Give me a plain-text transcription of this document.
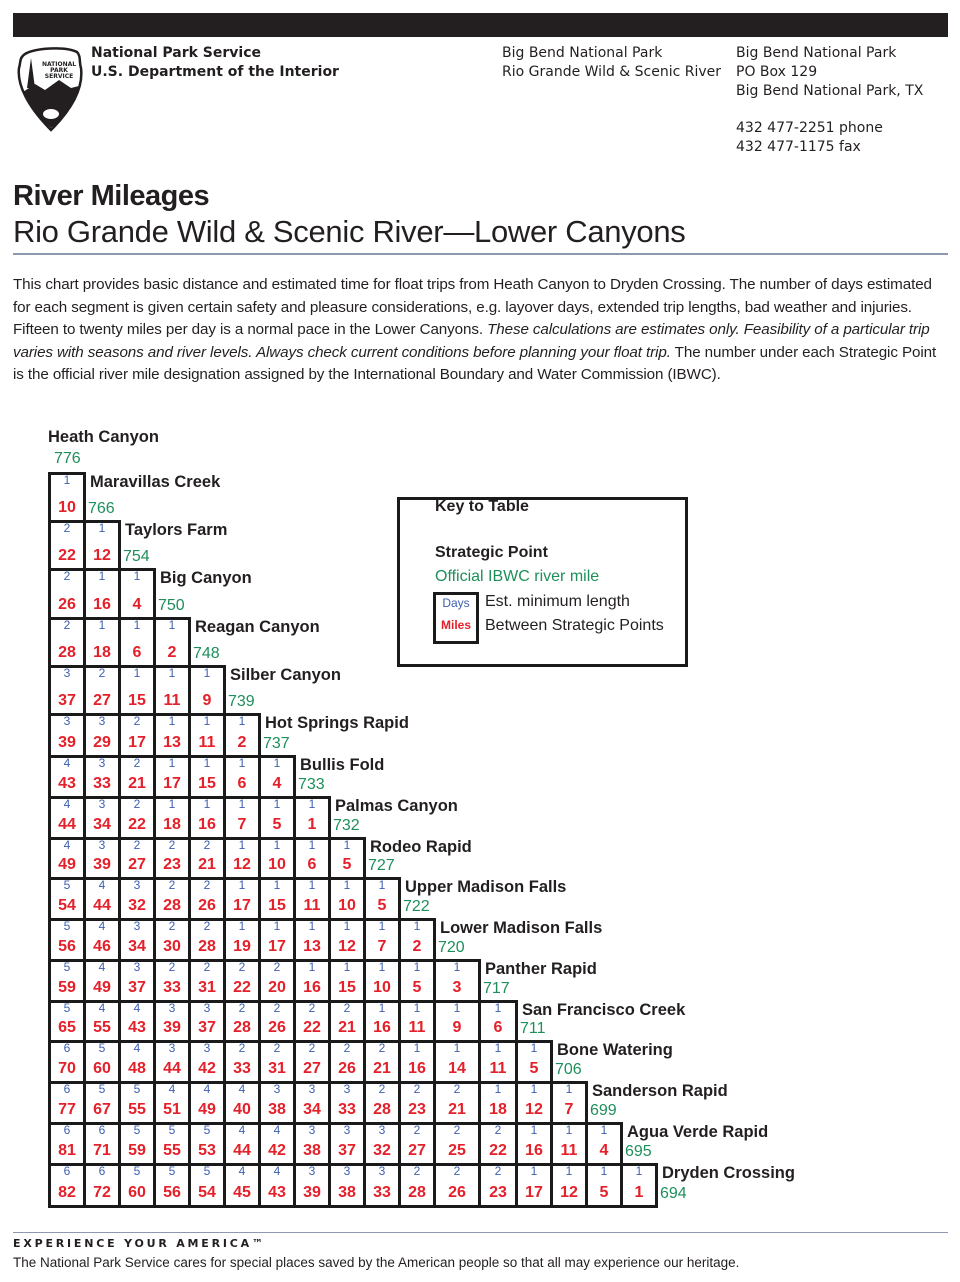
NATIONAL
PARK
SERVICE
National Park Service
U.S. Department of the Interior
Big Bend National Park
Rio Grande Wild & Scenic River
Big Bend National Park
PO Box 129
Big Bend National Park, TX
432 477-2251 phone
432 477-1175 fax
River Mileages
Rio Grande Wild & Scenic River—Lower Canyons
This chart provides basic distance and estimated time for float trips from Heath Canyon to Dryden Crossing. The number of days estimated for each segment is given certain safety and pleasure considerations, e.g. layover days, extended trip lengths, bad weather and injuries. Fifteen to twenty miles per day is a normal pace in the Lower Canyons. These calculations are estimates only. Feasibility of a particular trip varies with seasons and river levels. Always check current conditions before planning your float trip. The number under each Strategic Point is the official river mile designation assigned by the International Boundary and Water Commission (IBWC).
Heath Canyon
776
1
10
Maravillas Creek
766
2
22
1
12
Taylors Farm
754
2
26
1
16
1
4
Big Canyon
750
2
28
1
18
1
6
1
2
Reagan Canyon
748
3
37
2
27
1
15
1
11
1
9
Silber Canyon
739
3
39
3
29
2
17
1
13
1
11
1
2
Hot Springs Rapid
737
4
43
3
33
2
21
1
17
1
15
1
6
1
4
Bullis Fold
733
4
44
3
34
2
22
1
18
1
16
1
7
1
5
1
1
Palmas Canyon
732
4
49
3
39
2
27
2
23
2
21
1
12
1
10
1
6
1
5
Rodeo Rapid
727
5
54
4
44
3
32
2
28
2
26
1
17
1
15
1
11
1
10
1
5
Upper Madison Falls
722
5
56
4
46
3
34
2
30
2
28
1
19
1
17
1
13
1
12
1
7
1
2
Lower Madison Falls
720
5
59
4
49
3
37
2
33
2
31
2
22
2
20
1
16
1
15
1
10
1
5
1
3
Panther Rapid
717
5
65
4
55
4
43
3
39
3
37
2
28
2
26
2
22
2
21
1
16
1
11
1
9
1
6
San Francisco Creek
711
6
70
5
60
4
48
3
44
3
42
2
33
2
31
2
27
2
26
2
21
1
16
1
14
1
11
1
5
Bone Watering
706
6
77
5
67
5
55
4
51
4
49
4
40
3
38
3
34
3
33
2
28
2
23
2
21
1
18
1
12
1
7
Sanderson Rapid
699
6
81
6
71
5
59
5
55
5
53
4
44
4
42
3
38
3
37
3
32
2
27
2
25
2
22
1
16
1
11
1
4
Agua Verde Rapid
695
6
82
6
72
5
60
5
56
5
54
4
45
4
43
3
39
3
38
3
33
2
28
2
26
2
23
1
17
1
12
1
5
1
1
Dryden Crossing
694
Key to Table
Strategic Point
Official IBWC river mile
Days
Miles
Est. minimum length
Between Strategic Points
EXPERIENCE YOUR AMERICA™
The National Park Service cares for special places saved by the American people so that all may experience our heritage.
